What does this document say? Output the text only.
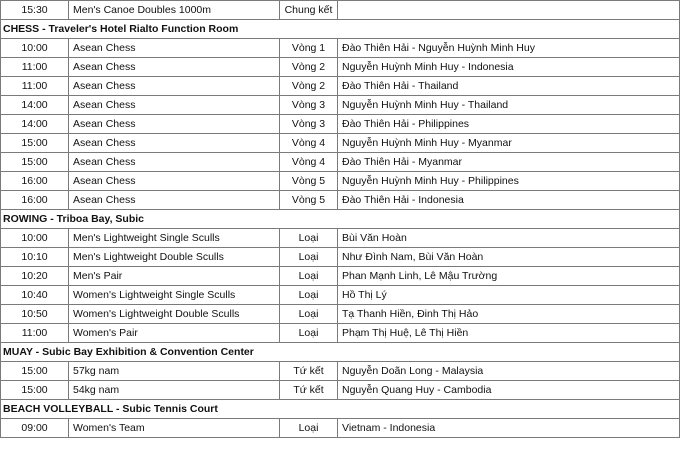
15:30	Men's Canoe Doubles 1000m	Chung kết	
CHESS - Traveler's Hotel Rialto Function Room			
10:00	Asean Chess	Vòng 1	Đào Thiên Hải - Nguyễn Huỳnh Minh Huy
11:00	Asean Chess	Vòng 2	Nguyễn Huỳnh Minh Huy - Indonesia
11:00	Asean Chess	Vòng 2	Đào Thiên Hải - Thailand
14:00	Asean Chess	Vòng 3	Nguyễn Huỳnh Minh Huy - Thailand
14:00	Asean Chess	Vòng 3	Đào Thiên Hải - Philippines
15:00	Asean Chess	Vòng 4	Nguyễn Huỳnh Minh Huy - Myanmar
15:00	Asean Chess	Vòng 4	Đào Thiên Hải - Myanmar
16:00	Asean Chess	Vòng 5	Nguyễn Huỳnh Minh Huy - Philippines
16:00	Asean Chess	Vòng 5	Đào Thiên Hải - Indonesia
ROWING - Triboa Bay, Subic			
10:00	Men's Lightweight Single Sculls	Loại	Bùi Văn Hoàn
10:10	Men's Lightweight Double Sculls	Loại	Như Đình Nam, Bùi Văn Hoàn
10:20	Men's Pair	Loại	Phan Mạnh Linh, Lê Mậu Trường
10:40	Women's Lightweight Single Sculls	Loại	Hồ Thị Lý
10:50	Women's Lightweight Double Sculls	Loại	Tạ Thanh Hiền, Đinh Thị Hảo
11:00	Women's Pair	Loại	Phạm Thị Huệ, Lê Thị Hiền
MUAY - Subic Bay Exhibition & Convention Center			
15:00	57kg nam	Tứ kết	Nguyễn Doãn Long - Malaysia
15:00	54kg nam	Tứ kết	Nguyễn Quang Huy - Cambodia
BEACH VOLLEYBALL - Subic Tennis Court			
09:00	Women's Team	Loại	Vietnam - Indonesia
